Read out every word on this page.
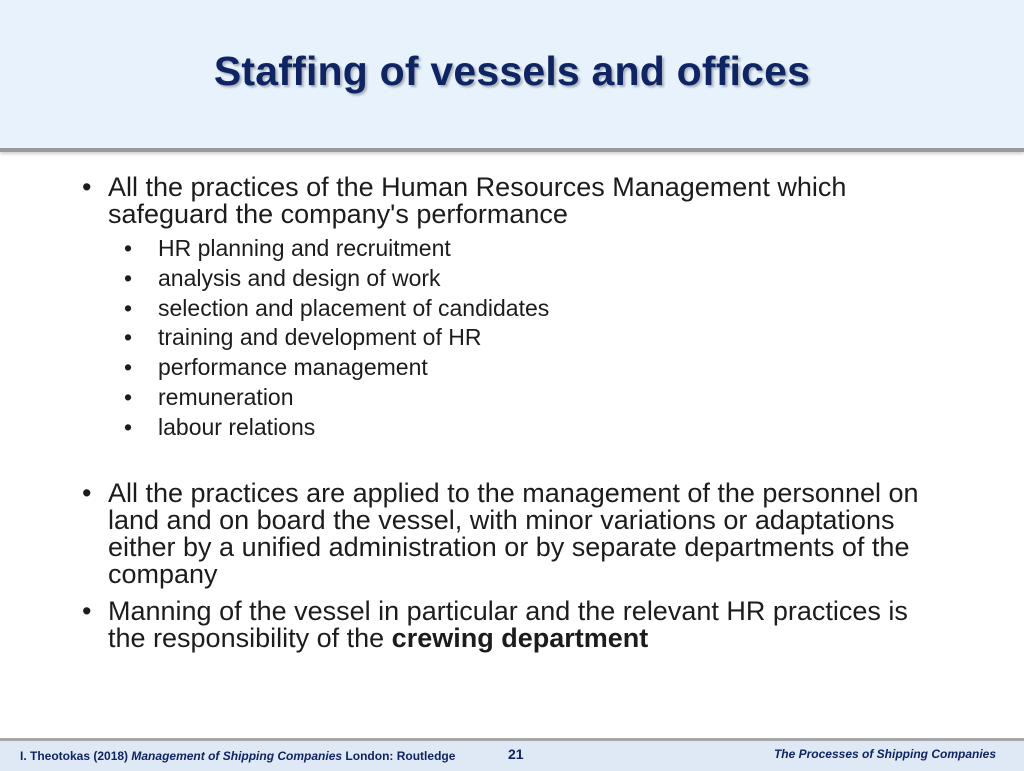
Staffing of vessels and offices
• All the practices of the Human Resources Management which safeguard the company's performance
•	HR planning and recruitment
•	analysis and design of work
•	selection and placement of candidates
•	training and development of HR
•	performance management
•	remuneration
•	labour relations
• All the practices are applied to the management of the personnel on land and on board the vessel, with minor variations or adaptations either by a unified administration or by separate departments of the company
• Manning of the vessel in particular and the relevant HR practices is the responsibility of the crewing department
I. Theotokas (2018) Management of Shipping Companies London: Routledge	21	The Processes of Shipping Companies
